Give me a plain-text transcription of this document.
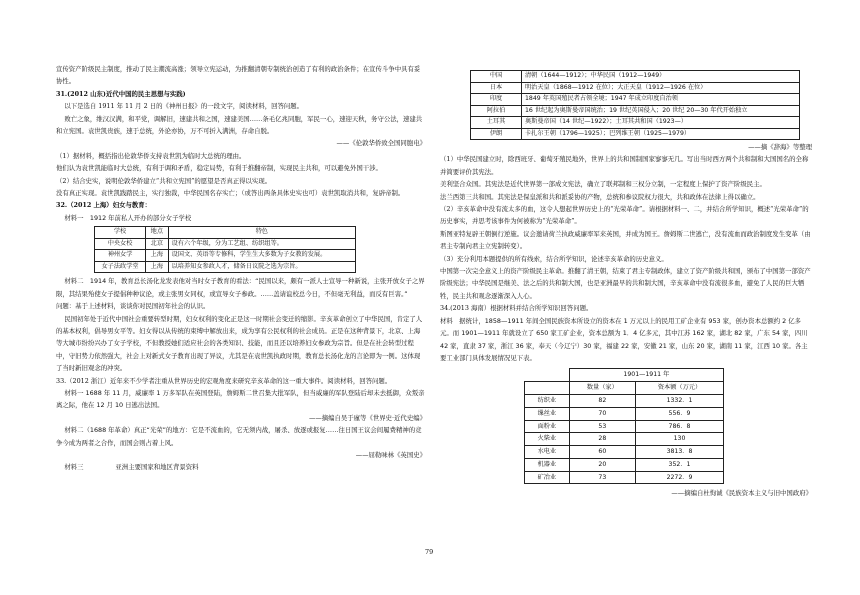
宣传资产阶级民主制度，推动了民主潮流高涨；领导立宪运动，为推翻清朝专制统治创造了有利的政治条件；在宣传斗争中具有妥协性。

31.(2012 山东)近代中国的民主思想与实践)

以下是选自 1911 年 11 月 2 日的《神州日报》的一段文字，阅读材料，回答问题。

败亡之象，维汉汉满，和平党，调解旧，速建共和之国，速建美国……条毛亿兆同胞，军民一心，速迎天秋，务守公法，速建共和立宪国。袁世凯贵族，速于总统，外论亦协，万不可折入满洲，存命自脱。

——《伦敦华侨致全国同胞电》

（1）据材料，概括指出伦敦华侨支持袁世凯为临时大总统的理由。

他们认为袁世凯能临时大总统，有利于调和矛盾，稳定局势，有利于推翻帝制，实现民主共和，可以避免外国干涉。

（2）结合史实，说明伦敦华侨建立“共和立宪国”的愿望是否真正得以实现。

没有真正实现。袁世凯践踏民主，实行独裁，中华民国名存实亡；（或答出两条具体史实也可）袁世凯取消共和，复辟帝制。

32.（2012 上海）妇女与教育：

材料一　1912 年前私人开办的部分女子学校

学校	地点	特色
中央女校	北京	设有六个年级，分为工艺组、纺织组等。
神州女学	上海	设国文、英语等专修科，学生生大多数为子女教的发展。
女子法政学堂	上海	以培养知女参政人才，储备日议院之选为宗旨。

材料二　1914 年，教育总长汤化龙发表他对当时女子教育的看法：“民国以来，颇有一派人士宣导一种新说，主张开放女子之界限，其结果殆使女子提倡种种议论，或主张男女同权，或宣导女子参政。……盖请谊校总今日，不但毫无利益，而反有巨害。”

问题：基于上述材料，谈谈你对民国初年社会的认识。

民国初年处于近代中国社会重要转型时期，妇女权利的变化正是这一时期社会变迁的缩影。辛亥革命创立了中华民国，肯定了人的基本权利，倡导男女平等。妇女得以从传统的束缚中解放出来，成为享有公民权利的社会成员。正是在这种背景下，北京、上海等大城市纷纷兴办了女子学校，不但教授她们适应社会的各类知识、技能，而且还以培养妇女参政为宗旨。但是在社会转型过程中，守旧势力依然强大，社会上对新式女子教育出现了异议，尤其是在袁世凯执政时期，教育总长汤化龙的言论即为一例。这体现了当时新旧观念的冲突。

33.（2012 浙江）近年来不少学者注重从世界历史的宏观角度来研究辛亥革命的这一重大事件。阅读材料，回答问题。

材料一 1688 年 11 月，威廉率 1 万多军队在英国登陆，詹姆斯二世召集大批军队，但当威廉的军队登陆后却未去抵御，众叛亲离之际，他在 12 月 10 日逃出法国。

——摘编自吴于廑等《世界史·近代史编》

材料二（1688 年革命）真正“光荣”的地方：它是不流血的，它无须内战，屠杀、放逐或报复……往日国王议会间履费精神的竞争今成为两者之合作，而国会则占着上风。

——屈勒味林《英国史》

材料三　　　　　亚洲主要国家和地区背景资料

中国	清朝（1644—1912）；中华民国（1912—1949）
日本	明治天皇（1868—1912 在位）；大正天皇（1912—1926 在位）
印度	1849 年英国殖民者占领全境；1947 年成立印度自治领
阿拉伯	16 世纪起为奥斯曼帝国统治；19 世纪英国侵入；20 世纪 20—30 年代开始独立
土耳其	奥斯曼帝国（14 世纪—1922）；土耳其共和国（1923—）
伊朗	卡扎尔王朝（1796—1925）；巴列维王朝（1925—1979）

——摘《辞海》等整理

（1）中华民国建立时，除西班牙、葡萄牙殖民地外，世界上的共和国制国家寥寥无几。写出当时西方两个共和制和大国国名的全称并简要评价其宪法。

美利坚合众国。其宪法是近代世界第一部成文宪法，确立了联邦制和三权分立制，一定程度上保护了资产阶级民主。

法兰西第三共和国。其宪法是保皇派和共和派妥协的产物，总统和参议院权力很大，共和政体在法律上得以确立。

（2）辛亥革命中没有流太多的血，这令人想起世界历史上的“光荣革命”。请根据材料一、二，并结合所学知识，概述“光荣革命”的历史事实，并思考该事件为何被称为“光荣革命”。

斯图亚特复辟王朝倒行逆施。议会邀请荷兰执政威廉率军来英国，并成为国王。詹姆斯二世逃亡，没有流血而政治制度发生变革（由君主专制向君主立宪制转变）。

（3）充分利用本题提供的所有线索，结合所学知识，论述辛亥革命的历史意义。

中国第一次完全意义上的资产阶级民主革命。推翻了清王朝，结束了君主专制政体，建立了资产阶级共和国，颁布了中国第一部资产阶级宪法；中华民国是继美、法之后的共和制大国，也是亚洲最早的共和制大国，辛亥革命中没有流很多血，避免了人民的巨大牺牲，民主共和观念逐渐深入人心。

34.(2013 海南）根据材料并结合所学知识回答问题。

材料　据统计，1858—1911 年间全国民族资本所设立的资本在 1 万元以上的民用工矿企业有 953 家，创办资本总额约 2 亿多元。而 1901—1911 年就设立了 650 家工矿企业，资本总额为 1．4 亿多元，其中江苏 162 家，湖北 82 家，广东 54 家，四川 42 家，直隶 37 家，浙江 36 家，奉天（今辽宁）30 家，福建 22 家，安徽 21 家，山东 20 家，湖南 11 家，江西 10 家。各主要工业部门具体发展情况见下表。

	1901—1911 年	
	数量（家）	资本额（万元）
纺织业	82	1332．1
缫丝业	70	556．9
面粉业	53	786．8
火柴业	28	130
水电业	60	3813．8
机器业	20	352．1
矿冶业	73	2272．9

——摘编自杜恂诚《民族资本主义与旧中国政府》

79
